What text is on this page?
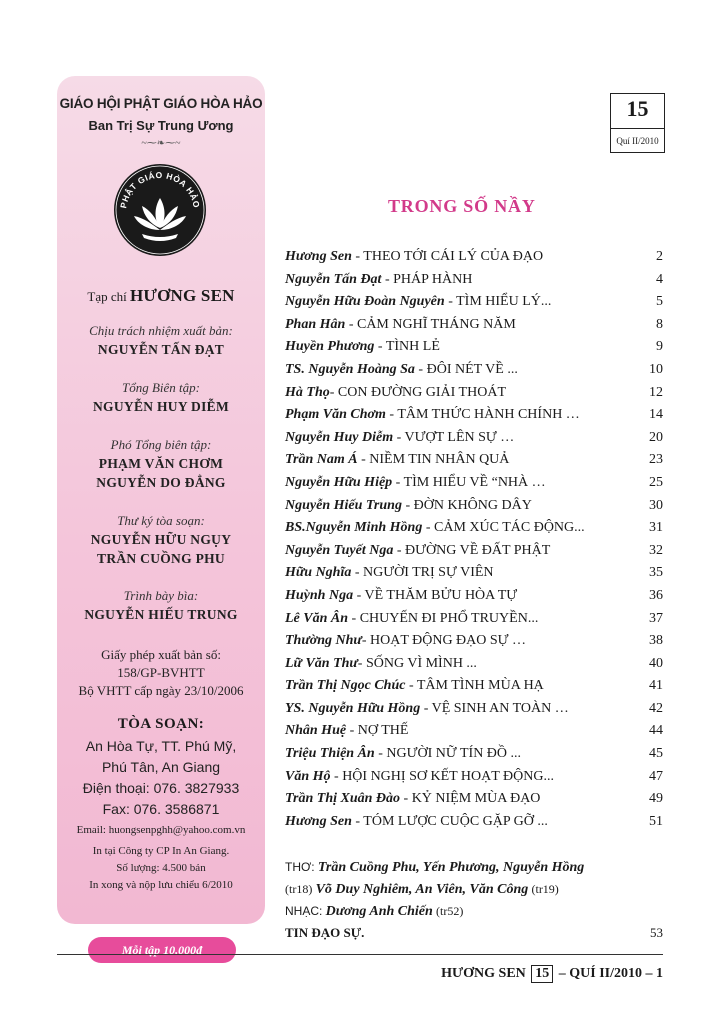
GIÁO HỘI PHẬT GIÁO HÒA HẢO
Ban Trị Sự Trung Ương
~⁓❧⁓~
PHẬT GIÁO HÒA HẢO
Tạp chí HƯƠNG SEN
Chịu trách nhiệm xuất bản:
NGUYỄN TẤN ĐẠT
Tổng Biên tập:
NGUYỄN HUY DIỄM
Phó Tổng biên tập:
PHẠM VĂN CHƠM
NGUYỄN DO ĐẲNG
Thư ký tòa soạn:
NGUYỄN HỮU NGỤY
TRẦN CUỒNG PHU
Trình bày bìa:
NGUYỄN HIẾU TRUNG
Giấy phép xuất bản số:
158/GP-BVHTT
Bộ VHTT cấp ngày 23/10/2006
TÒA SOẠN:
An Hòa Tự, TT. Phú Mỹ,
Phú Tân, An Giang
Điện thoại: 076. 3827933
Fax: 076. 3586871
Email: huongsenpghh@yahoo.com.vn
In tại Công ty CP In An Giang.
Số lượng: 4.500 bản
In xong và nộp lưu chiểu 6/2010
Mỗi tập 10.000đ
15
Quí II/2010
TRONG SỐ NẦY
Hương Sen - THEO TỚI CÁI LÝ CỦA ĐẠO	2
Nguyễn Tấn Đạt - PHÁP HÀNH	4
Nguyễn Hữu Đoàn Nguyên - TÌM HIỂU LÝ...	5
Phan Hân - CẢM NGHĨ THÁNG NĂM	8
Huyền Phương - TÌNH LẺ	9
TS. Nguyễn Hoàng Sa - ĐÔI NÉT VỀ ...	10
Hà Thọ- CON ĐƯỜNG GIẢI THOÁT	12
Phạm Văn Chơm - TÂM THỨC HÀNH CHÍNH …	14
Nguyễn Huy Diễm - VƯỢT LÊN SỰ …	20
Trần Nam Á - NIỀM TIN NHÂN QUẢ	23
Nguyễn Hữu Hiệp - TÌM HIỂU VỀ “NHÀ …	25
Nguyễn Hiếu Trung - ĐỜN KHÔNG DÂY	30
BS.Nguyễn Minh Hồng - CẢM XÚC TÁC ĐỘNG...	31
Nguyễn Tuyết Nga - ĐƯỜNG VỀ ĐẤT PHẬT	32
Hữu Nghĩa - NGƯỜI TRỊ SỰ VIÊN	35
Huỳnh Nga - VỀ THĂM BỬU HÒA TỰ	36
Lê Văn Ân - CHUYẾN ĐI PHỔ TRUYỀN...	37
Thường Như- HOẠT ĐỘNG ĐẠO SỰ …	38
Lữ Văn Thư- SỐNG VÌ MÌNH ...	40
Trần Thị Ngọc Chúc - TÂM TÌNH MÙA HẠ	41
YS. Nguyễn Hữu Hồng - VỆ SINH AN TOÀN …	42
Nhân Huệ - NỢ THẾ	44
Triệu Thiện Ân - NGƯỜI NỮ TÍN ĐỒ ...	45
Văn Hộ - HỘI NGHỊ SƠ KẾT HOẠT ĐỘNG...	47
Trần Thị Xuân Đào - KỶ NIỆM MÙA ĐẠO	49
Hương Sen - TÓM LƯỢC CUỘC GẶP GỠ ...	51
THƠ: Trần Cuồng Phu, Yến Phương, Nguyễn Hồng
(tr18) Võ Duy Nghiêm, An Viên, Văn Công (tr19)
NHẠC: Dương Anh Chiến (tr52)
TIN ĐẠO SỰ.	53
HƯƠNG SEN 15 – QUÍ II/2010 – 1
